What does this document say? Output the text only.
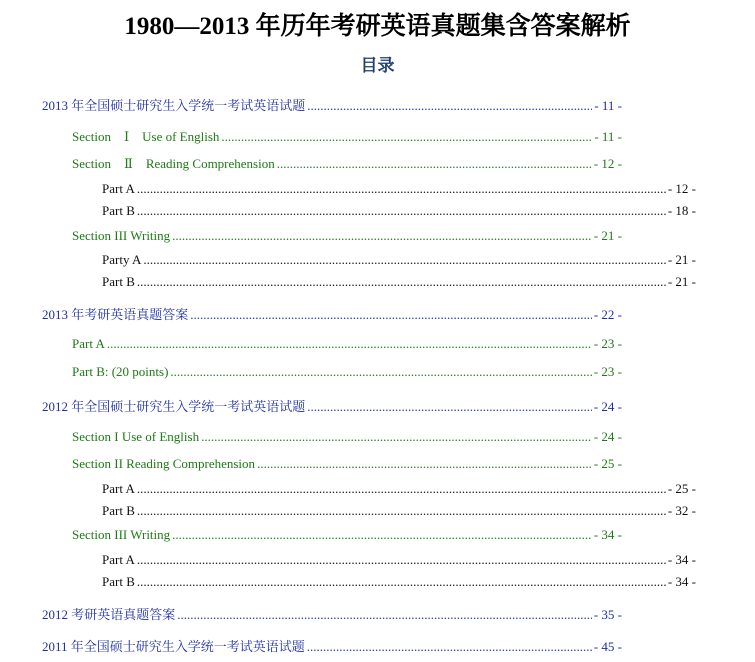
1980—2013 年历年考研英语真题集含答案解析
目录
2013 年全国硕士研究生入学统一考试英语试题 .....	- 11 -
Section　Ⅰ　Use of English .....	- 11 -
Section　Ⅱ　Reading Comprehension .....	- 12 -
Part A .....	- 12 -
Part B .....	- 18 -
Section III Writing .....	- 21 -
Party A .....	- 21 -
Part B .....	- 21 -
2013 年考研英语真题答案 .....	- 22 -
Part A .....	- 23 -
Part B: (20 points) .....	- 23 -
2012 年全国硕士研究生入学统一考试英语试题 .....	- 24 -
Section I Use of English .....	- 24 -
Section II Reading Comprehension .....	- 25 -
Part A .....	- 25 -
Part B .....	- 32 -
Section III Writing .....	- 34 -
Part A .....	- 34 -
Part B .....	- 34 -
2012 考研英语真题答案 .....	- 35 -
2011 年全国硕士研究生入学统一考试英语试题 .....	- 45 -
